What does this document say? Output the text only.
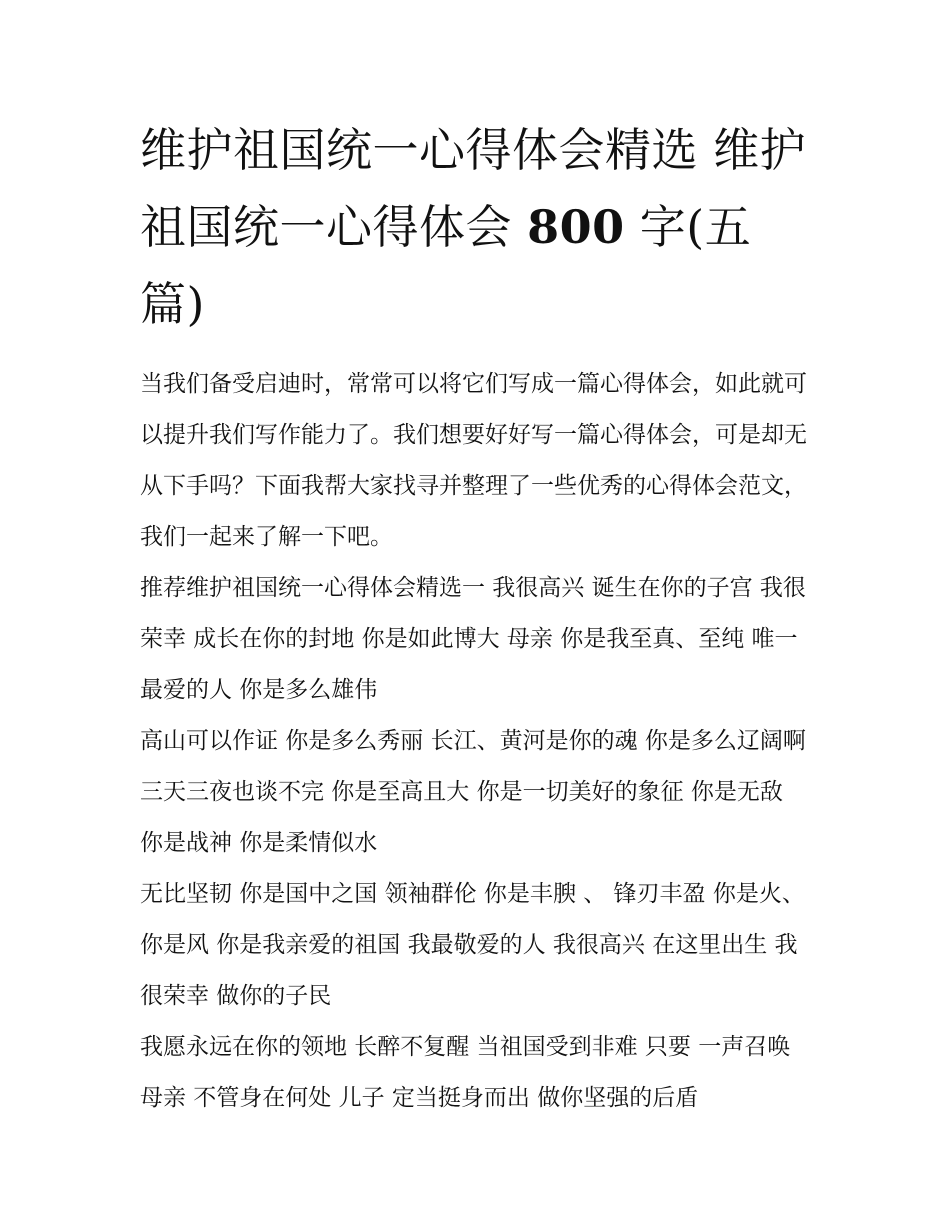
维护祖国统一心得体会精选 维护祖国统一心得体会 800 字(五篇)

当我们备受启迪时，常常可以将它们写成一篇心得体会，如此就可以提升我们写作能力了。我们想要好好写一篇心得体会，可是却无从下手吗？下面我帮大家找寻并整理了一些优秀的心得体会范文，我们一起来了解一下吧。

推荐维护祖国统一心得体会精选一 我很高兴 诞生在你的子宫 我很荣幸 成长在你的封地 你是如此博大 母亲 你是我至真、至纯 唯一最爱的人 你是多么雄伟

高山可以作证 你是多么秀丽 长江、黄河是你的魂 你是多么辽阔啊 三天三夜也谈不完 你是至高且大 你是一切美好的象征 你是无敌 你是战神 你是柔情似水

无比坚韧 你是国中之国 领袖群伦 你是丰腴 、 锋刃丰盈 你是火、你是风 你是我亲爱的祖国 我最敬爱的人 我很高兴 在这里出生 我很荣幸 做你的子民

我愿永远在你的领地 长醉不复醒 当祖国受到非难 只要 一声召唤 母亲 不管身在何处 儿子 定当挺身而出 做你坚强的后盾
